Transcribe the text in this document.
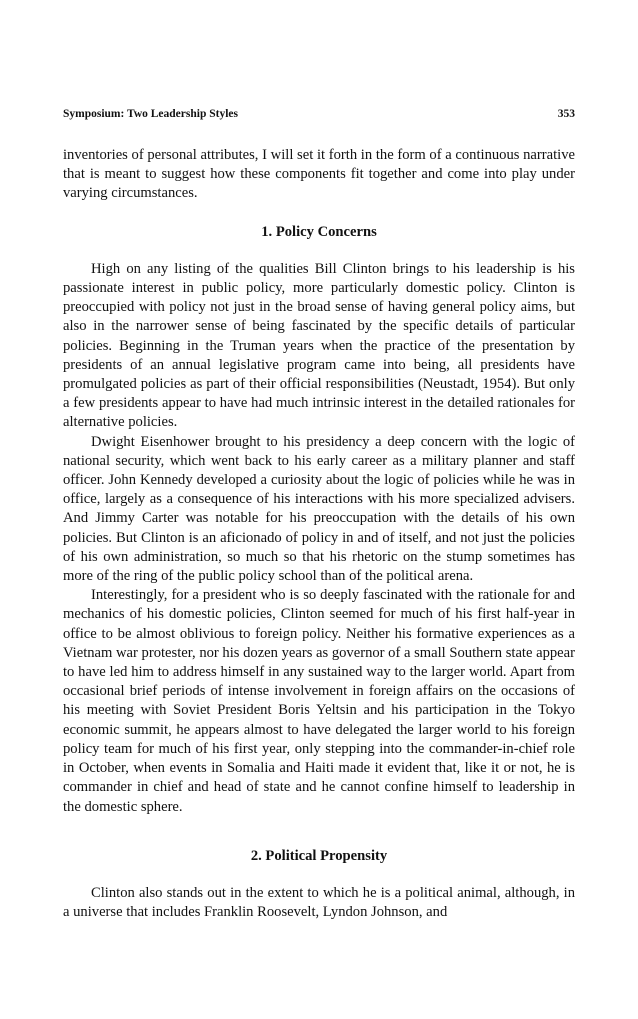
Symposium: Two Leadership Styles	353

inventories of personal attributes, I will set it forth in the form of a continuous narrative that is meant to suggest how these components fit together and come into play under varying circumstances.

1. Policy Concerns

High on any listing of the qualities Bill Clinton brings to his leadership is his passionate interest in public policy, more particularly domestic policy. Clinton is preoccupied with policy not just in the broad sense of having general policy aims, but also in the narrower sense of being fascinated by the specific details of particular policies. Beginning in the Truman years when the practice of the presentation by presidents of an annual legislative program came into being, all presidents have promulgated policies as part of their official responsibilities (Neustadt, 1954). But only a few presidents appear to have had much intrinsic interest in the detailed rationales for alternative policies.

Dwight Eisenhower brought to his presidency a deep concern with the logic of national security, which went back to his early career as a military planner and staff officer. John Kennedy developed a curiosity about the logic of policies while he was in office, largely as a consequence of his interactions with his more specialized advisers. And Jimmy Carter was notable for his preoccupation with the details of his own policies. But Clinton is an aficionado of policy in and of itself, and not just the policies of his own administration, so much so that his rhetoric on the stump sometimes has more of the ring of the public policy school than of the political arena.

Interestingly, for a president who is so deeply fascinated with the rationale for and mechanics of his domestic policies, Clinton seemed for much of his first half-year in office to be almost oblivious to foreign policy. Neither his formative experiences as a Vietnam war protester, nor his dozen years as governor of a small Southern state appear to have led him to address himself in any sustained way to the larger world. Apart from occasional brief periods of intense involvement in foreign affairs on the occasions of his meeting with Soviet President Boris Yeltsin and his participation in the Tokyo economic summit, he appears almost to have delegated the larger world to his foreign policy team for much of his first year, only stepping into the commander-in-chief role in October, when events in Somalia and Haiti made it evident that, like it or not, he is commander in chief and head of state and he cannot confine himself to leadership in the domestic sphere.

2. Political Propensity

Clinton also stands out in the extent to which he is a political animal, although, in a universe that includes Franklin Roosevelt, Lyndon Johnson, and
